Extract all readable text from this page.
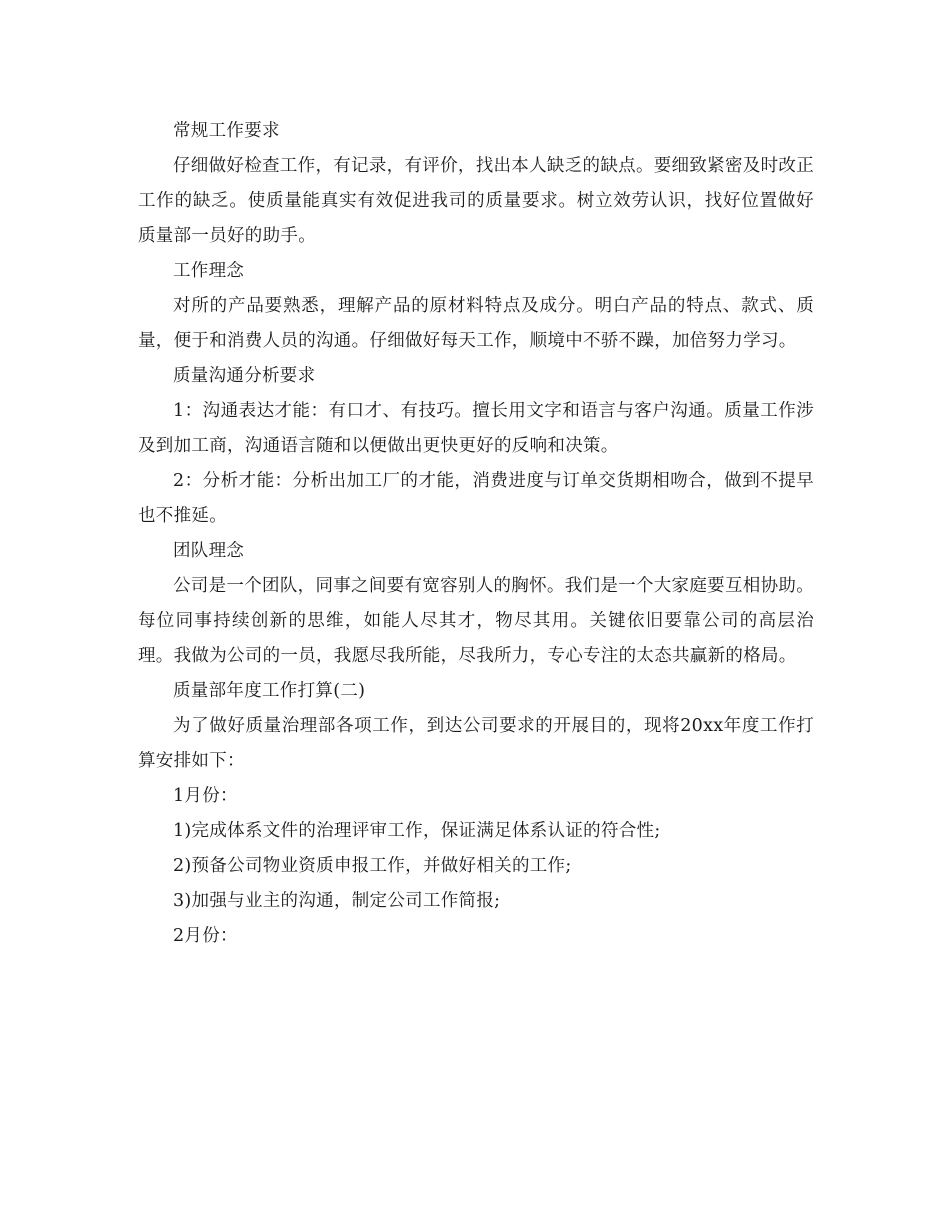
常规工作要求

仔细做好检查工作，有记录，有评价，找出本人缺乏的缺点。要细致紧密及时改正工作的缺乏。使质量能真实有效促进我司的质量要求。树立效劳认识，找好位置做好质量部一员好的助手。

工作理念

对所的产品要熟悉，理解产品的原材料特点及成分。明白产品的特点、款式、质量，便于和消费人员的沟通。仔细做好每天工作，顺境中不骄不躁，加倍努力学习。

质量沟通分析要求

1：沟通表达才能：有口才、有技巧。擅长用文字和语言与客户沟通。质量工作涉及到加工商，沟通语言随和以便做出更快更好的反响和决策。

2：分析才能：分析出加工厂的才能，消费进度与订单交货期相吻合，做到不提早也不推延。

团队理念

公司是一个团队，同事之间要有宽容别人的胸怀。我们是一个大家庭要互相协助。每位同事持续创新的思维，如能人尽其才，物尽其用。关键依旧要靠公司的高层治理。我做为公司的一员，我愿尽我所能，尽我所力，专心专注的太态共赢新的格局。

质量部年度工作打算(二)

为了做好质量治理部各项工作，到达公司要求的开展目的，现将20xx年度工作打算安排如下：

1月份：

1)完成体系文件的治理评审工作，保证满足体系认证的符合性;

2)预备公司物业资质申报工作，并做好相关的工作;

3)加强与业主的沟通，制定公司工作简报;

2月份：
